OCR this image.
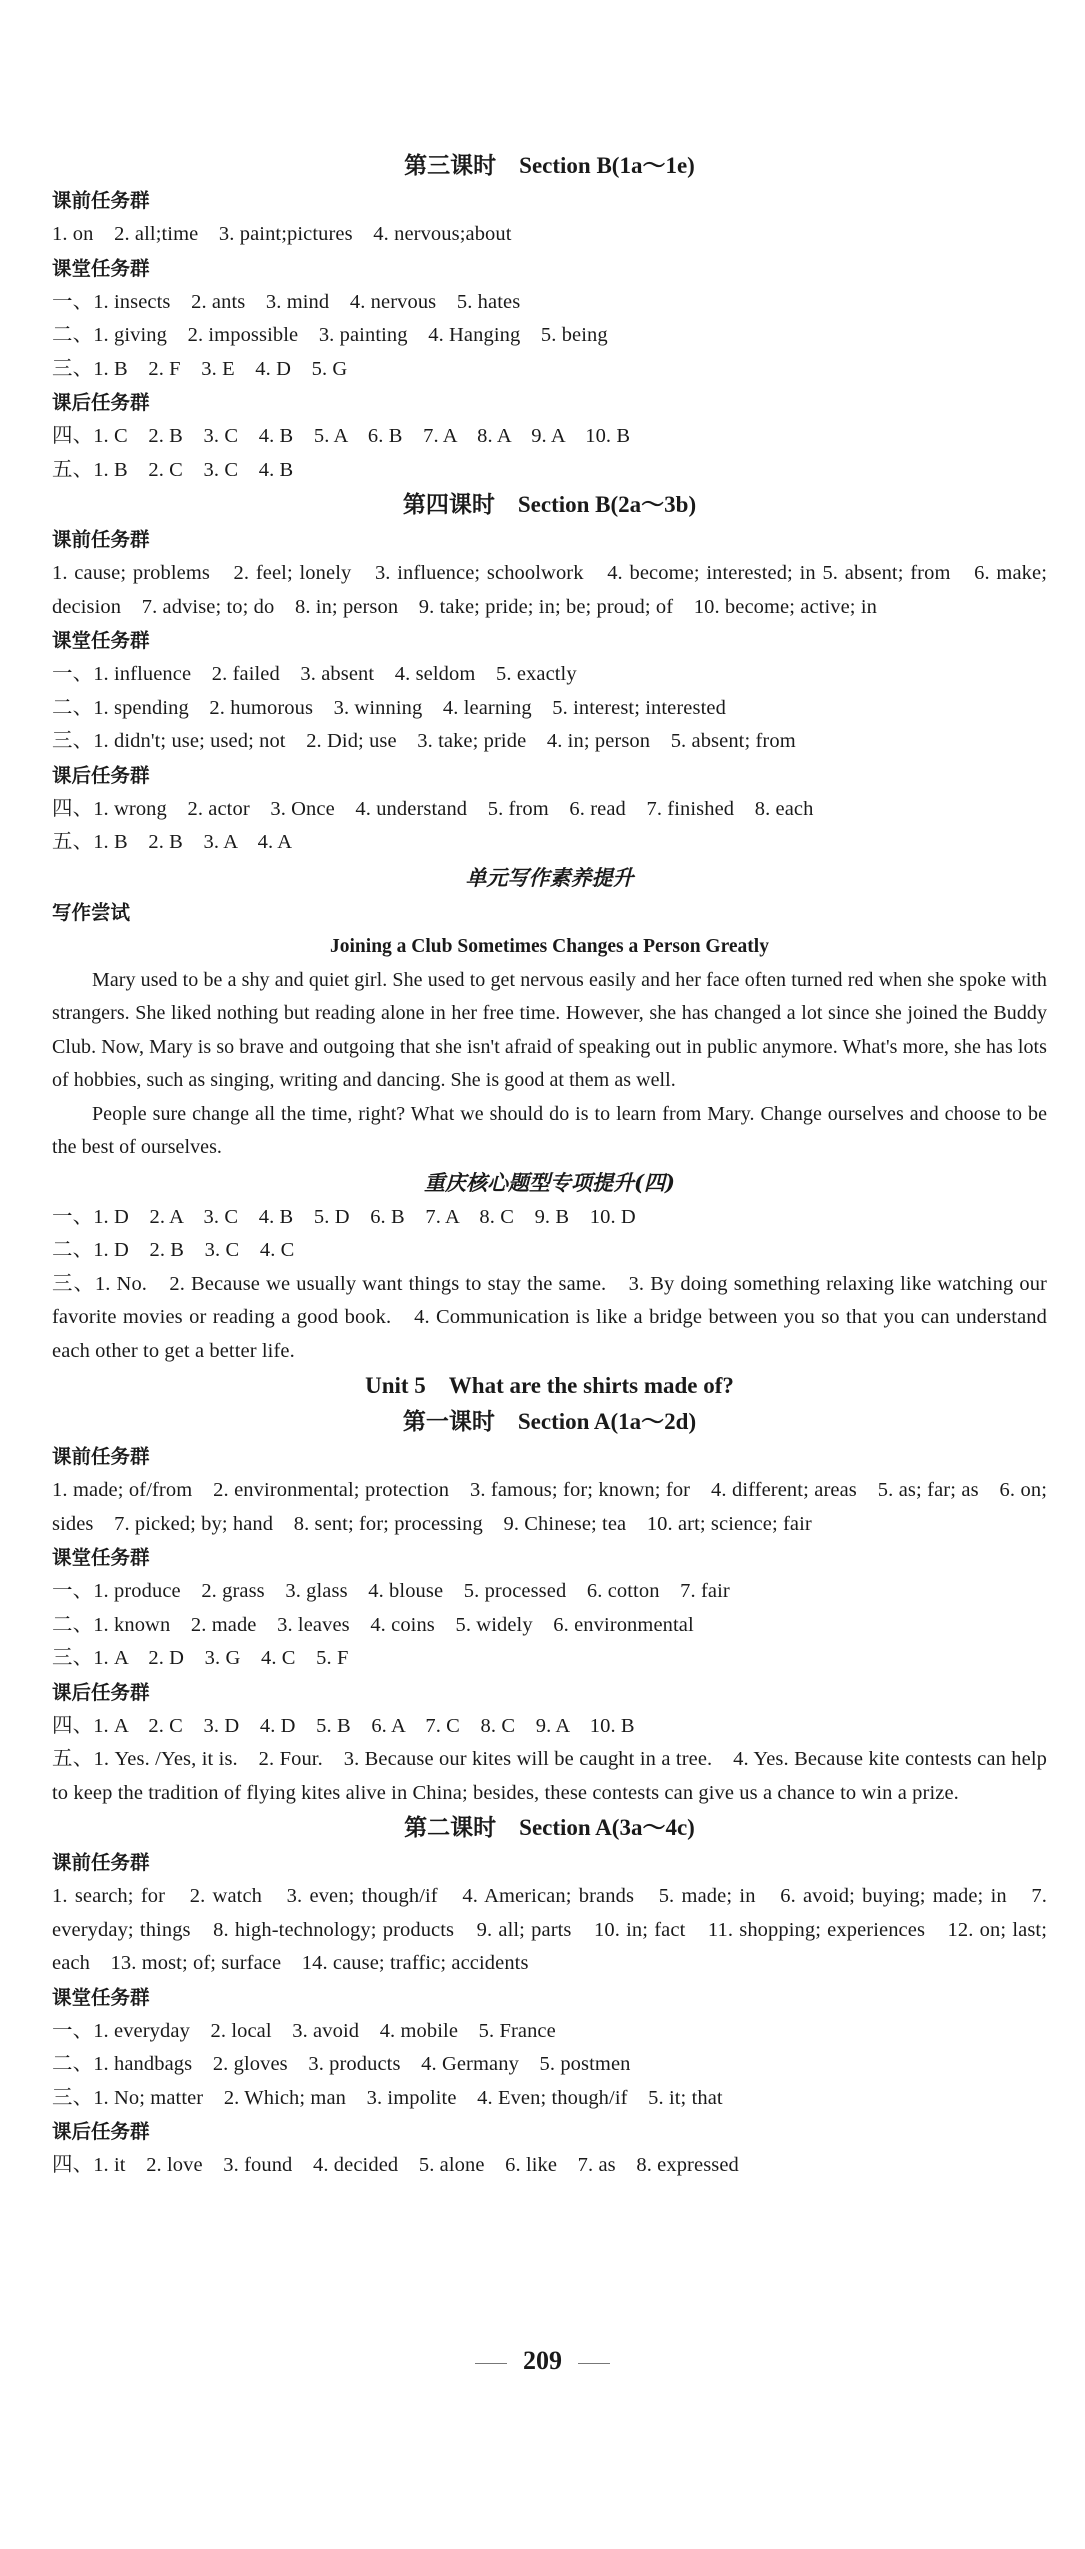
第三课时　Section B(1a～1e)
课前任务群
1. on　2. all;time　3. paint;pictures　4. nervous;about
课堂任务群
一、1. insects　2. ants　3. mind　4. nervous　5. hates
二、1. giving　2. impossible　3. painting　4. Hanging　5. being
三、1. B　2. F　3. E　4. D　5. G
课后任务群
四、1. C　2. B　3. C　4. B　5. A　6. B　7. A　8. A　9. A　10. B
五、1. B　2. C　3. C　4. B
第四课时　Section B(2a～3b)
课前任务群
1. cause; problems　2. feel; lonely　3. influence; schoolwork　4. become; interested; in 5. absent; from　6. make; decision　7. advise; to; do　8. in; person　9. take; pride; in; be; proud; of　10. become; active; in
课堂任务群
一、1. influence　2. failed　3. absent　4. seldom　5. exactly
二、1. spending　2. humorous　3. winning　4. learning　5. interest; interested
三、1. didn't; use; used; not　2. Did; use　3. take; pride　4. in; person　5. absent; from
课后任务群
四、1. wrong　2. actor　3. Once　4. understand　5. from　6. read　7. finished　8. each
五、1. B　2. B　3. A　4. A
单元写作素养提升
写作尝试
Joining a Club Sometimes Changes a Person Greatly

Mary used to be a shy and quiet girl. She used to get nervous easily and her face often turned red when she spoke with strangers. She liked nothing but reading alone in her free time. However, she has changed a lot since she joined the Buddy Club. Now, Mary is so brave and outgoing that she isn't afraid of speaking out in public anymore. What's more, she has lots of hobbies, such as singing, writing and dancing. She is good at them as well.

People sure change all the time, right? What we should do is to learn from Mary. Change ourselves and choose to be the best of ourselves.

重庆核心题型专项提升(四)
一、1. D　2. A　3. C　4. B　5. D　6. B　7. A　8. C　9. B　10. D
二、1. D　2. B　3. C　4. C
三、1. No.　2. Because we usually want things to stay the same.　3. By doing something relaxing like watching our favorite movies or reading a good book.　4. Communication is like a bridge between you so that you can understand each other to get a better life.
Unit 5　What are the shirts made of?
第一课时　Section A(1a～2d)
课前任务群
1. made; of/from　2. environmental; protection　3. famous; for; known; for　4. different; areas　5. as; far; as　6. on; sides　7. picked; by; hand　8. sent; for; processing　9. Chinese; tea　10. art; science; fair
课堂任务群
一、1. produce　2. grass　3. glass　4. blouse　5. processed　6. cotton　7. fair
二、1. known　2. made　3. leaves　4. coins　5. widely　6. environmental
三、1. A　2. D　3. G　4. C　5. F
课后任务群
四、1. A　2. C　3. D　4. D　5. B　6. A　7. C　8. C　9. A　10. B
五、1. Yes. /Yes, it is.　2. Four.　3. Because our kites will be caught in a tree.　4. Yes. Because kite contests can help to keep the tradition of flying kites alive in China; besides, these contests can give us a chance to win a prize.
第二课时　Section A(3a～4c)
课前任务群
1. search; for　2. watch　3. even; though/if　4. American; brands　5. made; in　6. avoid; buying; made; in　7. everyday; things　8. high-technology; products　9. all; parts　10. in; fact　11. shopping; experiences　12. on; last; each　13. most; of; surface　14. cause; traffic; accidents
课堂任务群
一、1. everyday　2. local　3. avoid　4. mobile　5. France
二、1. handbags　2. gloves　3. products　4. Germany　5. postmen
三、1. No; matter　2. Which; man　3. impolite　4. Even; though/if　5. it; that
课后任务群
四、1. it　2. love　3. found　4. decided　5. alone　6. like　7. as　8. expressed
209
